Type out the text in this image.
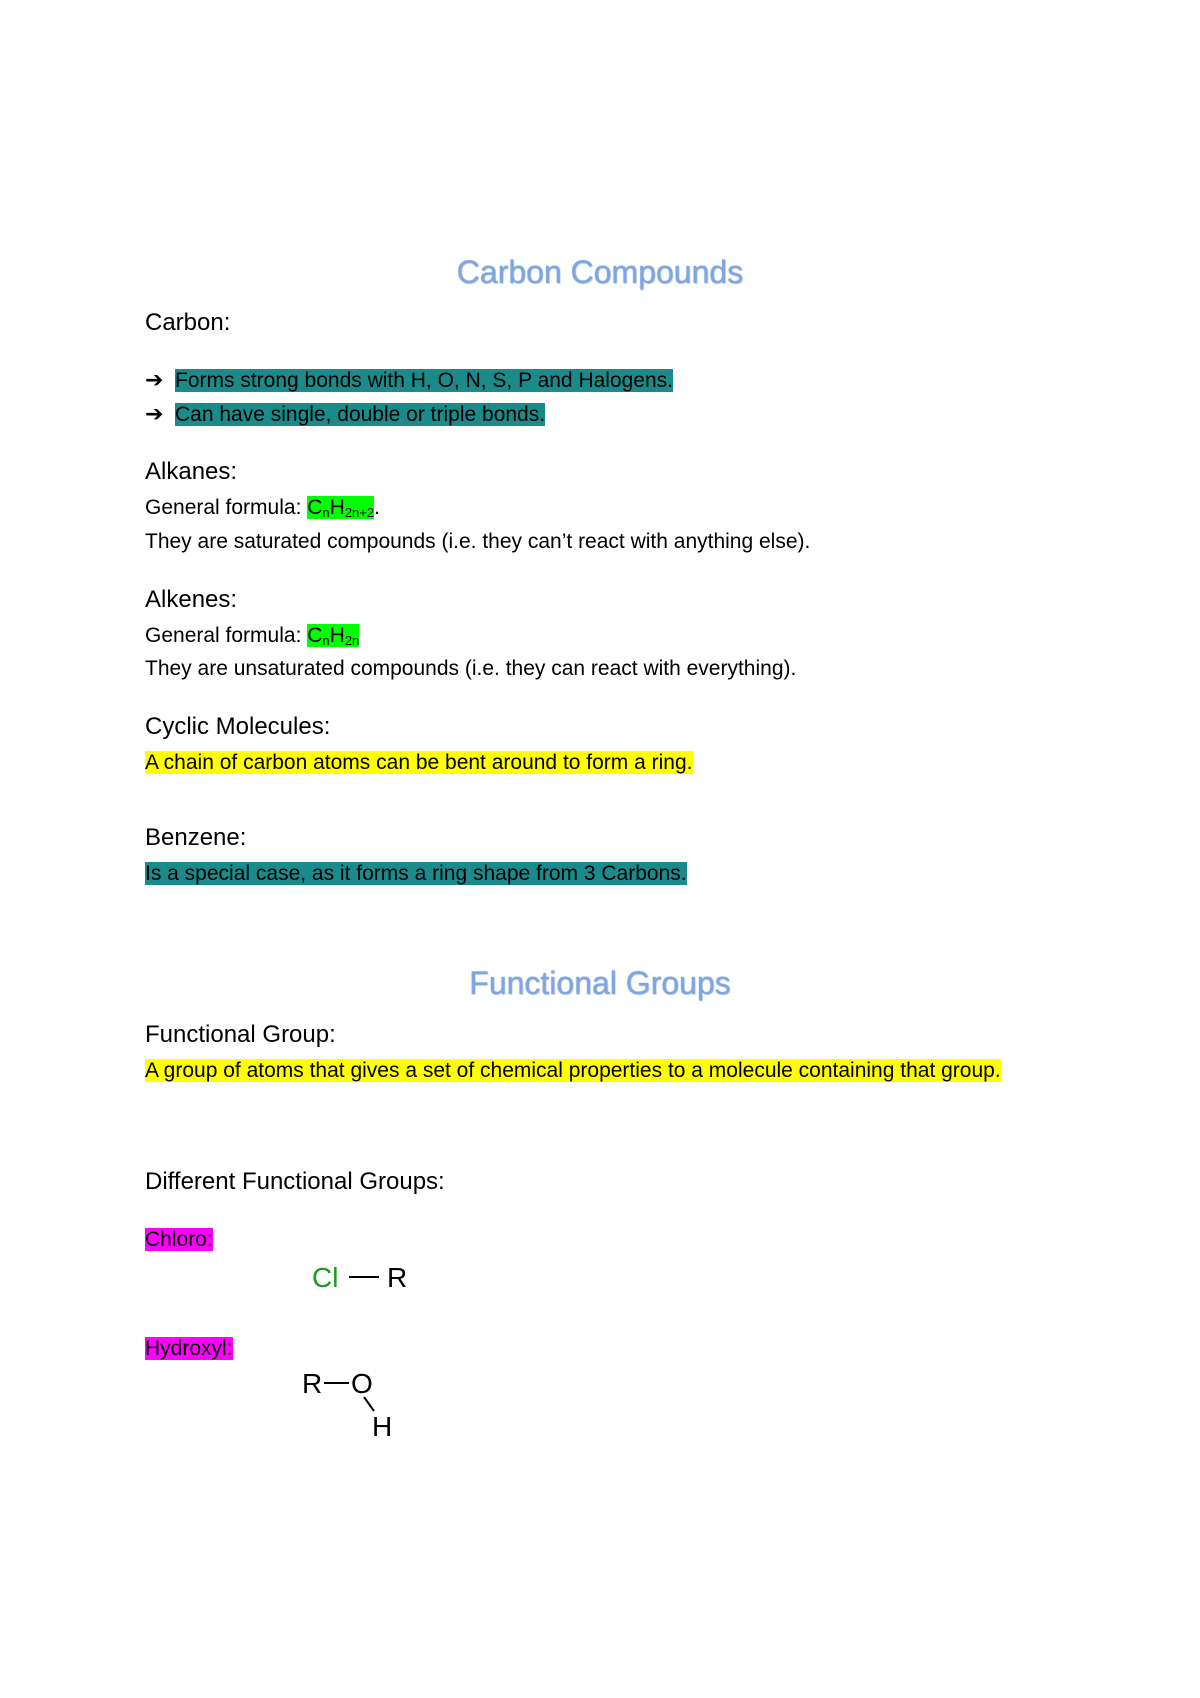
Carbon Compounds
Carbon:
➔ Forms strong bonds with H, O, N, S, P and Halogens.
➔ Can have single, double or triple bonds.
Alkanes:
General formula: $C_nH_{2n+2}$.
They are saturated compounds (i.e. they can’t react with anything else).
Alkenes:
General formula: $C_nH_{2n}$
They are unsaturated compounds (i.e. they can react with everything).
Cyclic Molecules:
A chain of carbon atoms can be bent around to form a ring.
Benzene:
Is a special case, as it forms a ring shape from 3 Carbons.
Functional Groups
Functional Group:
A group of atoms that gives a set of chemical properties to a molecule containing that group.
Different Functional Groups:
Chloro:
Cl R
Hydroxyl:
R O
H
